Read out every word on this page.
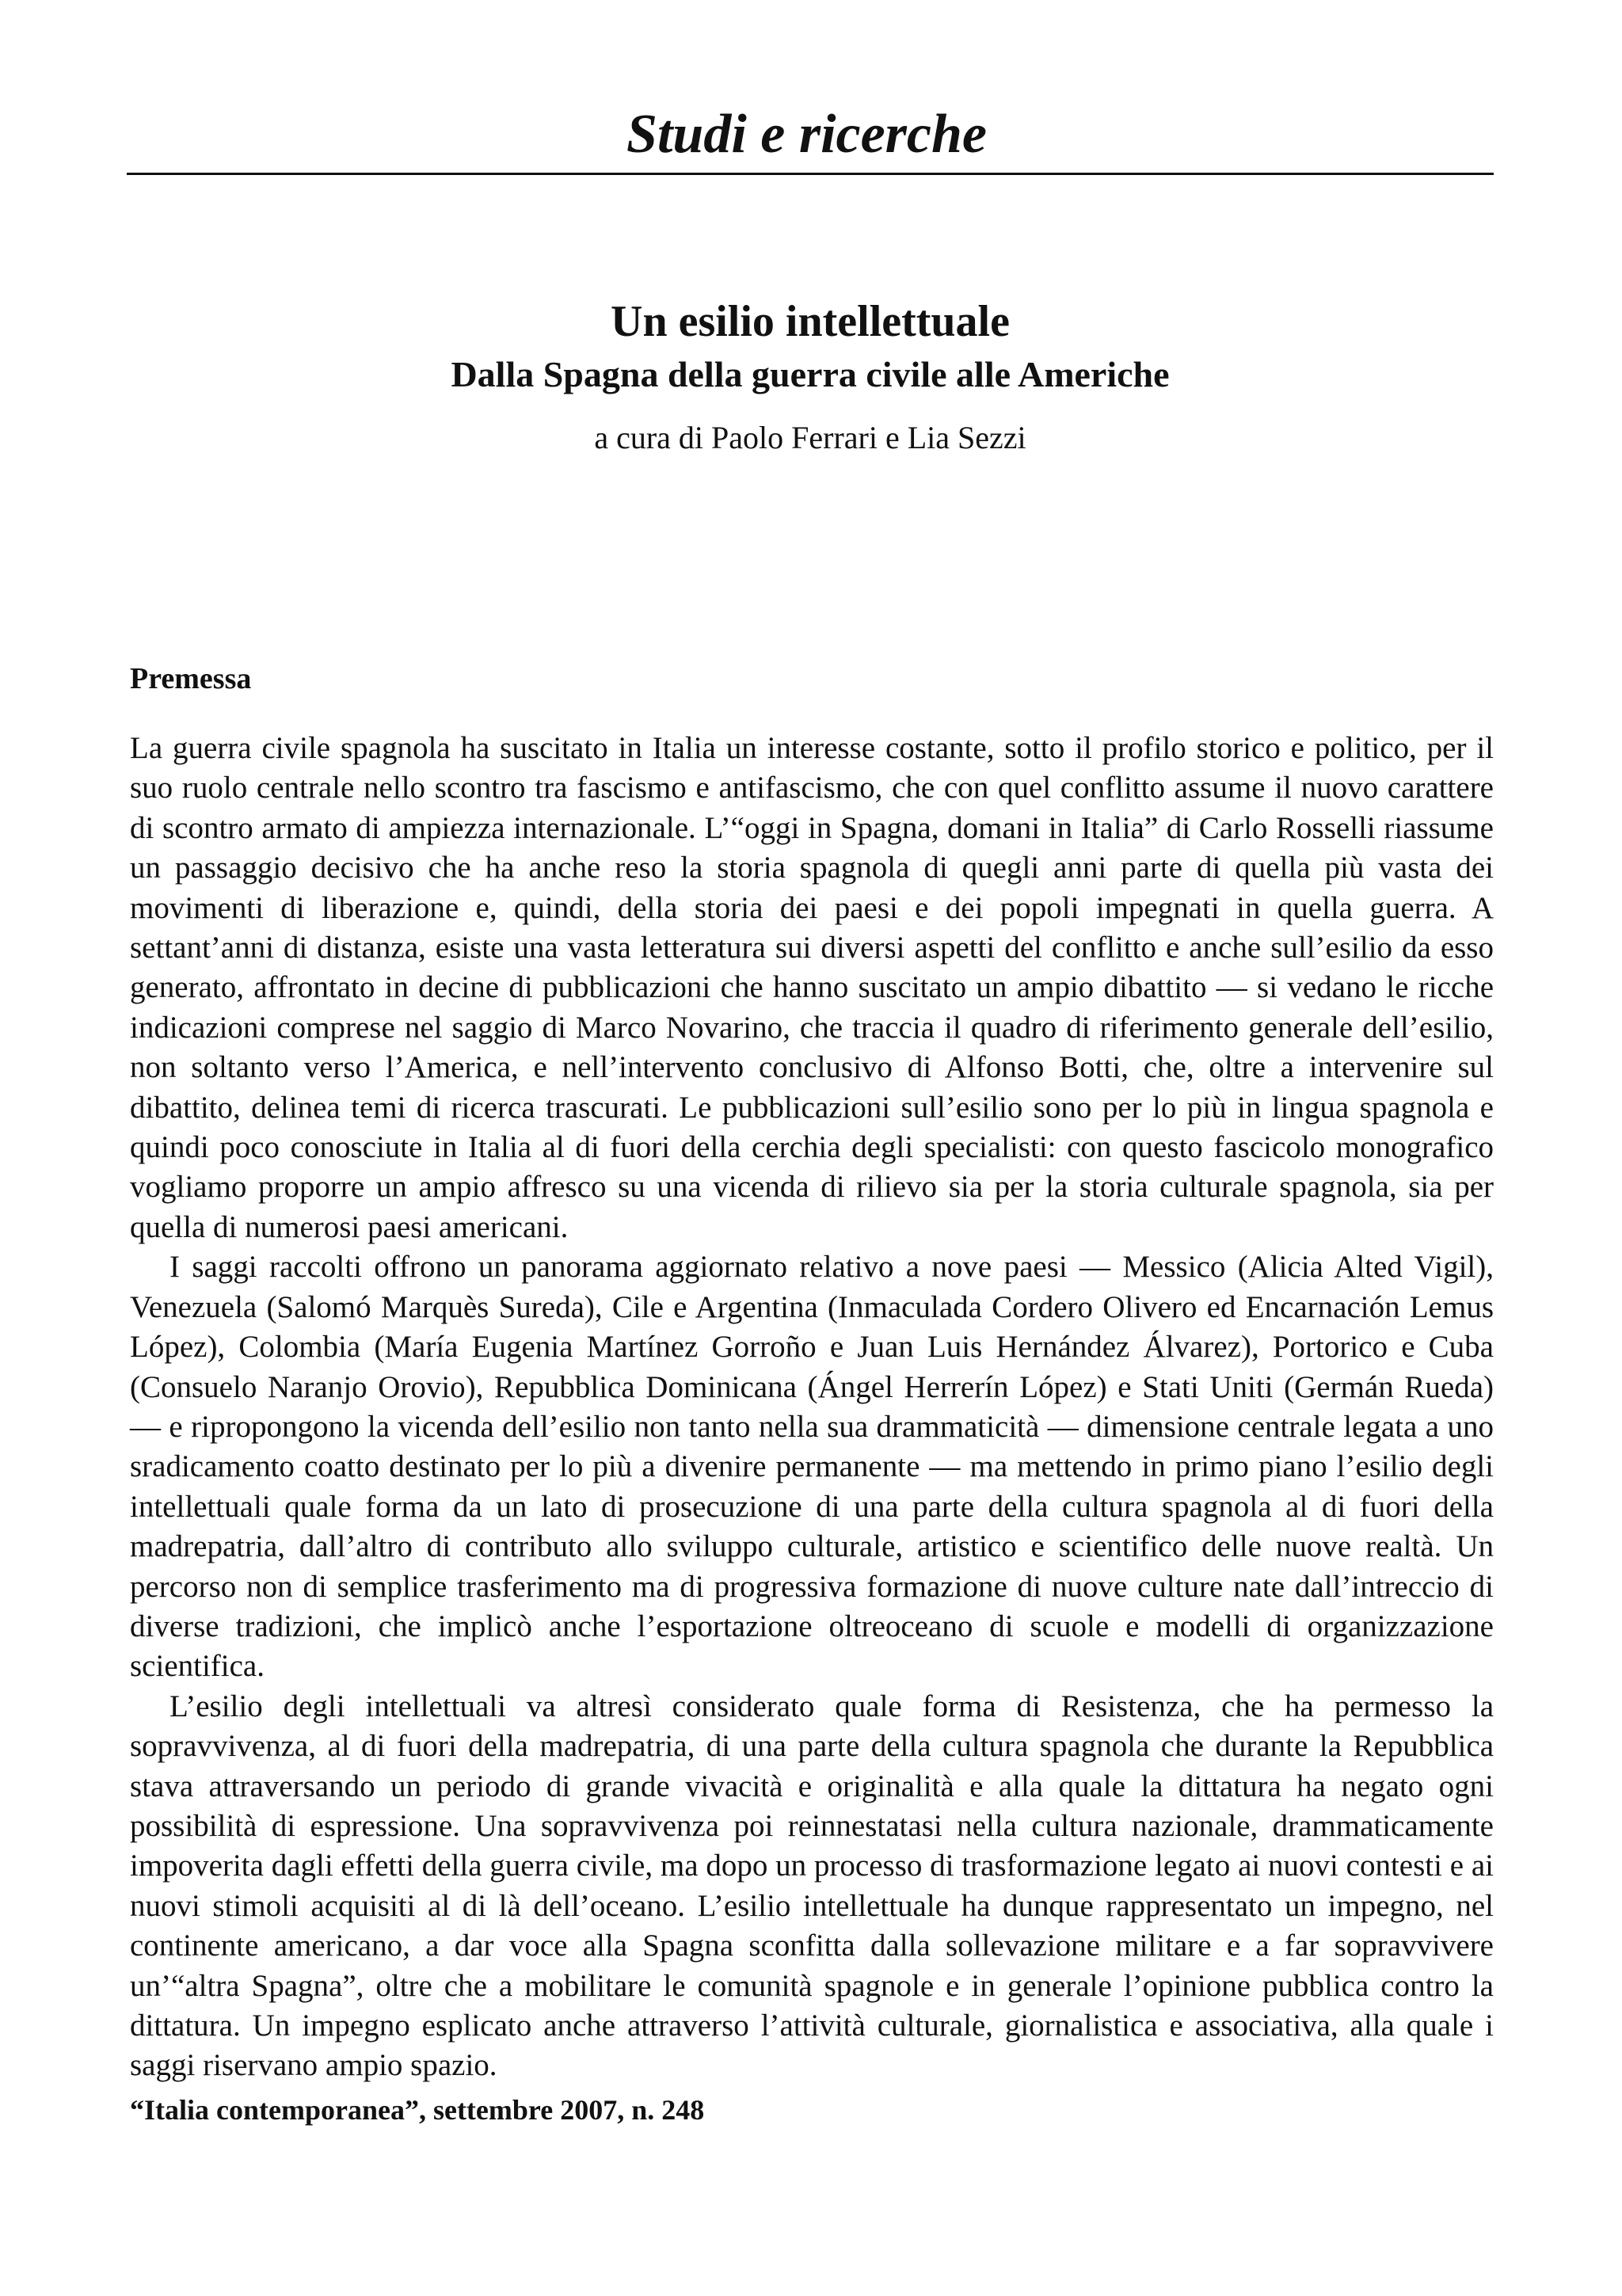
Studi e ricerche
Un esilio intellettuale
Dalla Spagna della guerra civile alle Americhe

a cura di Paolo Ferrari e Lia Sezzi

Premessa

La guerra civile spagnola ha suscitato in Italia un interesse costante, sotto il profilo storico e politico, per il suo ruolo centrale nello scontro tra fascismo e antifascismo, che con quel conflitto assume il nuovo carattere di scontro armato di ampiezza internazionale. L’“oggi in Spagna, domani in Italia” di Carlo Rosselli riassume un passaggio decisivo che ha anche reso la storia spagnola di quegli anni parte di quella più vasta dei movimenti di liberazione e, quindi, della storia dei paesi e dei popoli impegnati in quella guerra. A settant’anni di distanza, esiste una vasta letteratura sui diversi aspetti del conflitto e anche sull’esilio da esso generato, affrontato in decine di pubblicazioni che hanno suscitato un ampio dibattito — si vedano le ricche indicazioni comprese nel saggio di Marco Novarino, che traccia il quadro di riferimento generale dell’esilio, non soltanto verso l’America, e nell’intervento conclusivo di Alfonso Botti, che, oltre a intervenire sul dibattito, delinea temi di ricerca trascurati. Le pubblicazioni sull’esilio sono per lo più in lingua spagnola e quindi poco conosciute in Italia al di fuori della cerchia degli specialisti: con questo fascicolo monografico vogliamo proporre un ampio affresco su una vicenda di rilievo sia per la storia culturale spagnola, sia per quella di numerosi paesi americani.

I saggi raccolti offrono un panorama aggiornato relativo a nove paesi — Messico (Alicia Alted Vigil), Venezuela (Salomó Marquès Sureda), Cile e Argentina (Inmaculada Cordero Olivero ed Encarnación Lemus López), Colombia (María Eugenia Martínez Gorroño e Juan Luis Hernández Álvarez), Portorico e Cuba (Consuelo Naranjo Orovio), Repubblica Dominicana (Ángel Herrerín López) e Stati Uniti (Germán Rueda) — e ripropongono la vicenda dell’esilio non tanto nella sua drammaticità — dimensione centrale legata a uno sradicamento coatto destinato per lo più a divenire permanente — ma mettendo in primo piano l’esilio degli intellettuali quale forma da un lato di prosecuzione di una parte della cultura spagnola al di fuori della madrepatria, dall’altro di contributo allo sviluppo culturale, artistico e scientifico delle nuove realtà. Un percorso non di semplice trasferimento ma di progressiva formazione di nuove culture nate dall’intreccio di diverse tradizioni, che implicò anche l’esportazione oltreoceano di scuole e modelli di organizzazione scientifica.

L’esilio degli intellettuali va altresì considerato quale forma di Resistenza, che ha permesso la sopravvivenza, al di fuori della madrepatria, di una parte della cultura spagnola che durante la Repubblica stava attraversando un periodo di grande vivacità e originalità e alla quale la dittatura ha negato ogni possibilità di espressione. Una sopravvivenza poi reinnestatasi nella cultura nazionale, drammaticamente impoverita dagli effetti della guerra civile, ma dopo un processo di trasformazione legato ai nuovi contesti e ai nuovi stimoli acquisiti al di là dell’oceano. L’esilio intellettuale ha dunque rappresentato un impegno, nel continente americano, a dar voce alla Spagna sconfitta dalla sollevazione militare e a far sopravvivere un’“altra Spagna”, oltre che a mobilitare le comunità spagnole e in generale l’opinione pubblica contro la dittatura. Un impegno esplicato anche attraverso l’attività culturale, giornalistica e associativa, alla quale i saggi riservano ampio spazio.

“Italia contemporanea”, settembre 2007, n. 248
